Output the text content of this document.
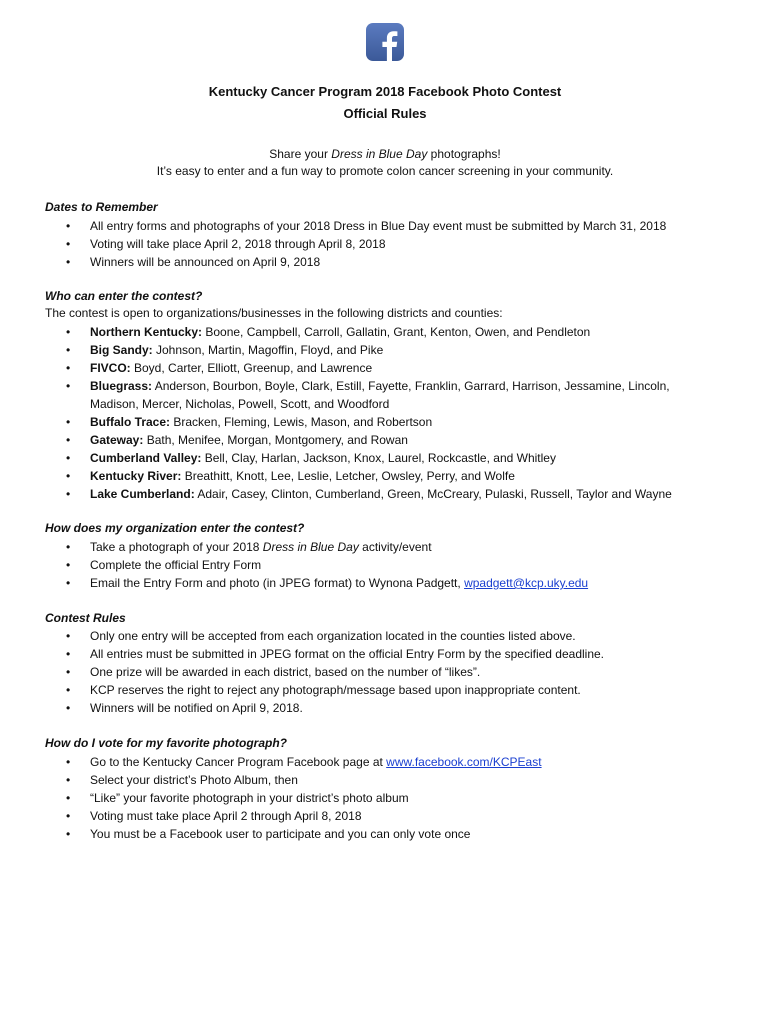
Kentucky Cancer Program 2018 Facebook Photo Contest
Official Rules
Share your Dress in Blue Day photographs!
It’s easy to enter and a fun way to promote colon cancer screening in your community.
Dates to Remember
• All entry forms and photographs of your 2018 Dress in Blue Day event must be submitted by March 31, 2018
• Voting will take place April 2, 2018 through April 8, 2018
• Winners will be announced on April 9, 2018
Who can enter the contest?
The contest is open to organizations/businesses in the following districts and counties:
• Northern Kentucky: Boone, Campbell, Carroll, Gallatin, Grant, Kenton, Owen, and Pendleton
• Big Sandy: Johnson, Martin, Magoffin, Floyd, and Pike
• FIVCO: Boyd, Carter, Elliott, Greenup, and Lawrence
• Bluegrass: Anderson, Bourbon, Boyle, Clark, Estill, Fayette, Franklin, Garrard, Harrison, Jessamine, Lincoln,
Madison, Mercer, Nicholas, Powell, Scott, and Woodford
• Buffalo Trace: Bracken, Fleming, Lewis, Mason, and Robertson
• Gateway: Bath, Menifee, Morgan, Montgomery, and Rowan
• Cumberland Valley: Bell, Clay, Harlan, Jackson, Knox, Laurel, Rockcastle, and Whitley
• Kentucky River: Breathitt, Knott, Lee, Leslie, Letcher, Owsley, Perry, and Wolfe
• Lake Cumberland: Adair, Casey, Clinton, Cumberland, Green, McCreary, Pulaski, Russell, Taylor and Wayne
How does my organization enter the contest?
• Take a photograph of your 2018 Dress in Blue Day activity/event
• Complete the official Entry Form
• Email the Entry Form and photo (in JPEG format) to Wynona Padgett, wpadgett@kcp.uky.edu
Contest Rules
• Only one entry will be accepted from each organization located in the counties listed above.
• All entries must be submitted in JPEG format on the official Entry Form by the specified deadline.
• One prize will be awarded in each district, based on the number of “likes”.
• KCP reserves the right to reject any photograph/message based upon inappropriate content.
• Winners will be notified on April 9, 2018.
How do I vote for my favorite photograph?
• Go to the Kentucky Cancer Program Facebook page at www.facebook.com/KCPEast
• Select your district’s Photo Album, then
• “Like” your favorite photograph in your district’s photo album
• Voting must take place April 2 through April 8, 2018
• You must be a Facebook user to participate and you can only vote once
